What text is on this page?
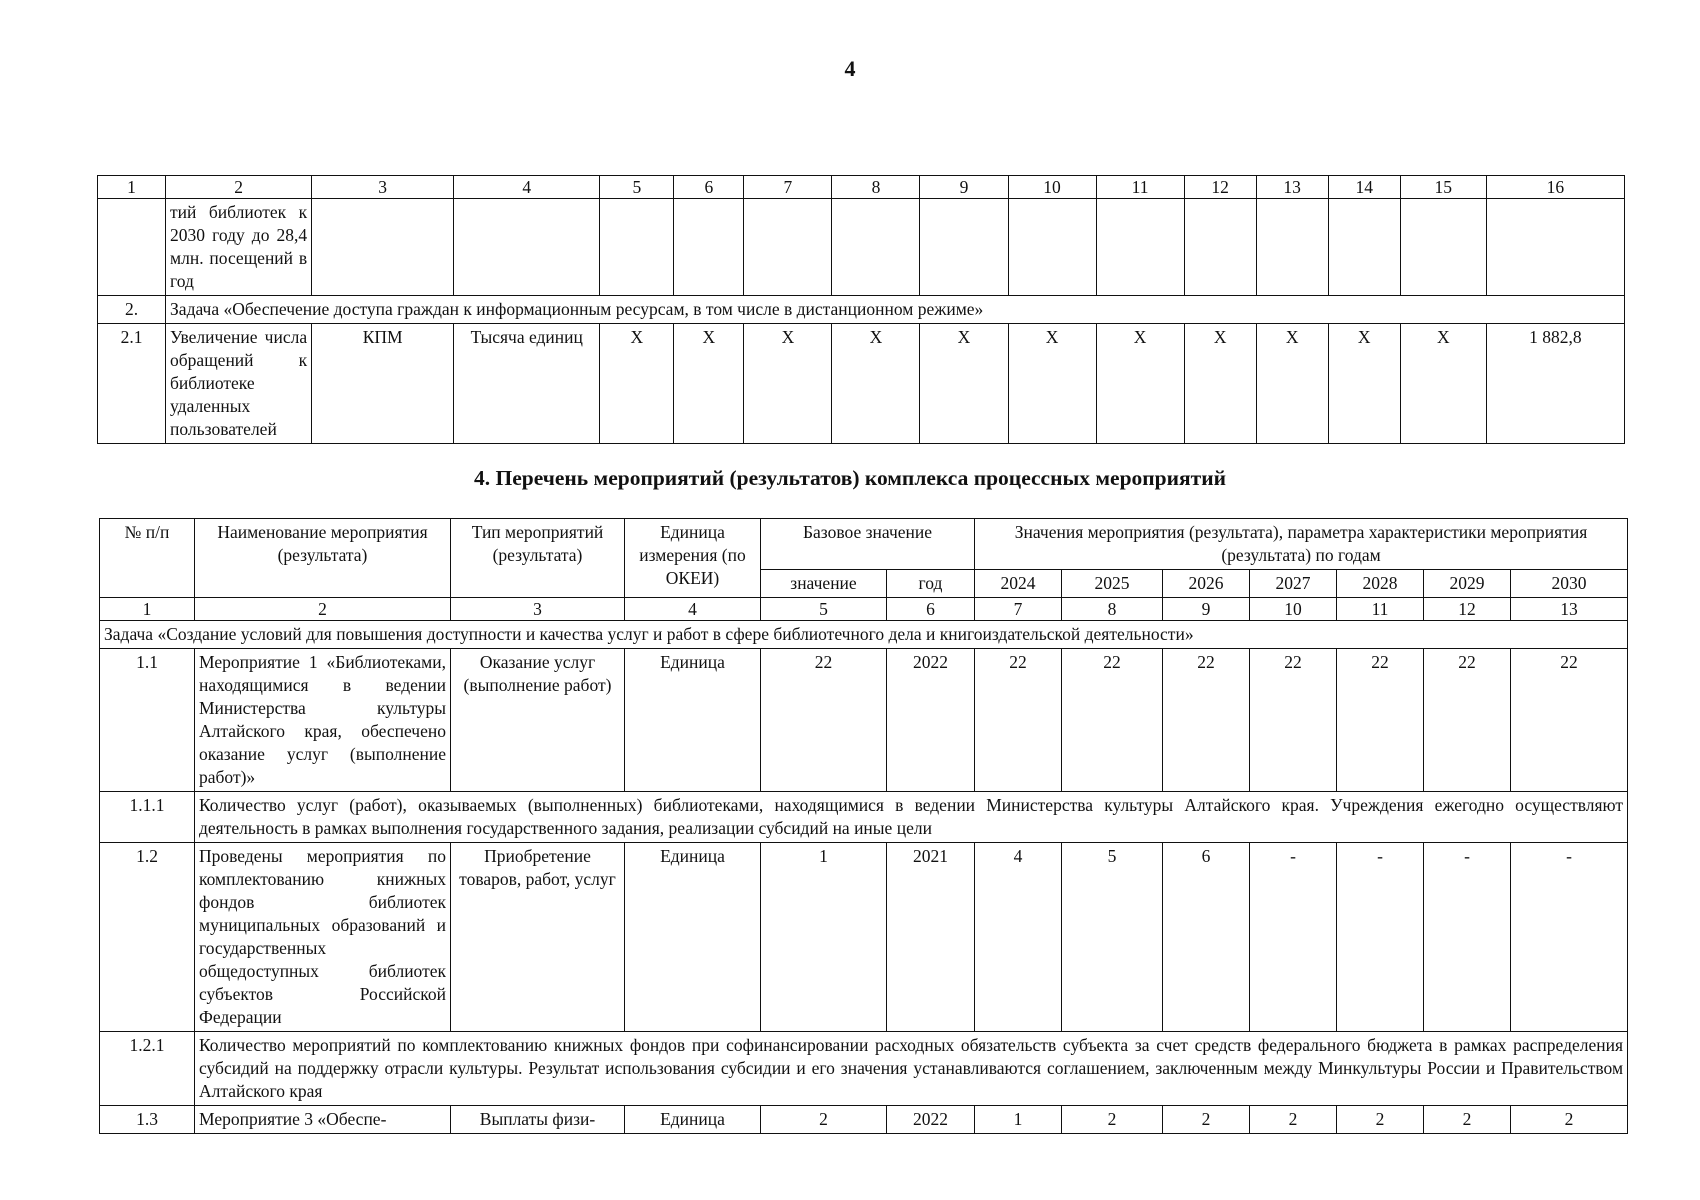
4
1	2	3	4	5	6	7	8	9	10	11	12	13	14	15	16
	тий библиотек к 2030 году до 28,4 млн. посещений в год														
2.	Задача «Обеспечение доступа граждан к информационным ресурсам, в том числе в дистанционном режиме»														
2.1	Увеличение числа обращений к библиотеке удаленных пользователей	КПМ	Тысяча единиц	Х	Х	Х	Х	Х	Х	Х	Х	Х	Х	Х	1 882,8
4. Перечень мероприятий (результатов) комплекса процессных мероприятий
№ п/п	Наименование мероприятия (результата)	Тип мероприятий (результата)	Единица измерения (по ОКЕИ)	Базовое значение		Значения мероприятия (результата), параметра характеристики мероприятия (результата) по годам						

				значение	год	2024	2025	2026	2027	2028	2029	2030
1	2	3	4	5	6	7	8	9	10	11	12	13
Задача «Создание условий для повышения доступности и качества услуг и работ в сфере библиотечного дела и книгоиздательской деятельности»												
1.1	Мероприятие 1 «Библиотеками, находящимися в ведении Министерства культуры Алтайского края, обеспечено оказание услуг (выполнение работ)»	Оказание услуг (выполнение работ)	Единица	22	2022	22	22	22	22	22	22	22
1.1.1	Количество услуг (работ), оказываемых (выполненных) библиотеками, находящимися в ведении Министерства культуры Алтайского края. Учреждения ежегодно осуществляют деятельность в рамках выполнения государственного задания, реализации субсидий на иные цели											
1.2	Проведены мероприятия по комплектованию книжных фондов библиотек муниципальных образований и государственных общедоступных библиотек субъектов Российской Федерации	Приобретение товаров, работ, услуг	Единица	1	2021	4	5	6	-	-	-	-
1.2.1	Количество мероприятий по комплектованию книжных фондов при софинансировании расходных обязательств субъекта за счет средств федерального бюджета в рамках распределения субсидий на поддержку отрасли культуры. Результат использования субсидии и его значения устанавливаются соглашением, заключенным между Минкультуры России и Правительством Алтайского края											
1.3	Мероприятие 3 «Обеспе-	Выплаты физи-	Единица	2	2022	1	2	2	2	2	2	2
